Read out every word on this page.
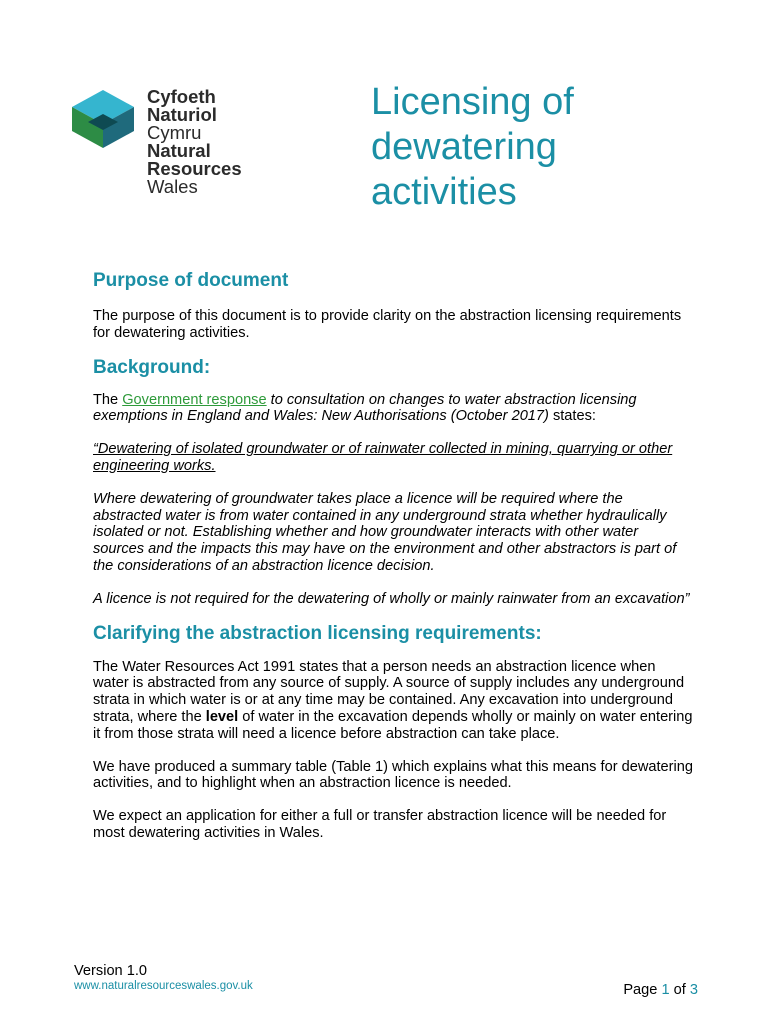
Cyfoeth
Naturiol
Cymru
Natural
Resources
Wales
Licensing of
dewatering
activities
Purpose of document

The purpose of this document is to provide clarity on the abstraction licensing requirements for dewatering activities.

Background:

The Government response to consultation on changes to water abstraction licensing exemptions in England and Wales: New Authorisations (October 2017) states:

“Dewatering of isolated groundwater or of rainwater collected in mining, quarrying or other engineering works.

Where dewatering of groundwater takes place a licence will be required where the abstracted water is from water contained in any underground strata whether hydraulically isolated or not. Establishing whether and how groundwater interacts with other water sources and the impacts this may have on the environment and other abstractors is part of the considerations of an abstraction licence decision.

A licence is not required for the dewatering of wholly or mainly rainwater from an excavation”

Clarifying the abstraction licensing requirements:

The Water Resources Act 1991 states that a person needs an abstraction licence when water is abstracted from any source of supply. A source of supply includes any underground strata in which water is or at any time may be contained. Any excavation into underground strata, where the level of water in the excavation depends wholly or mainly on water entering it from those strata will need a licence before abstraction can take place.

We have produced a summary table (Table 1) which explains what this means for dewatering activities, and to highlight when an abstraction licence is needed.

We expect an application for either a full or transfer abstraction licence will be needed for most dewatering activities in Wales.

Version 1.0
www.naturalresourceswales.gov.uk	Page 1 of 3
